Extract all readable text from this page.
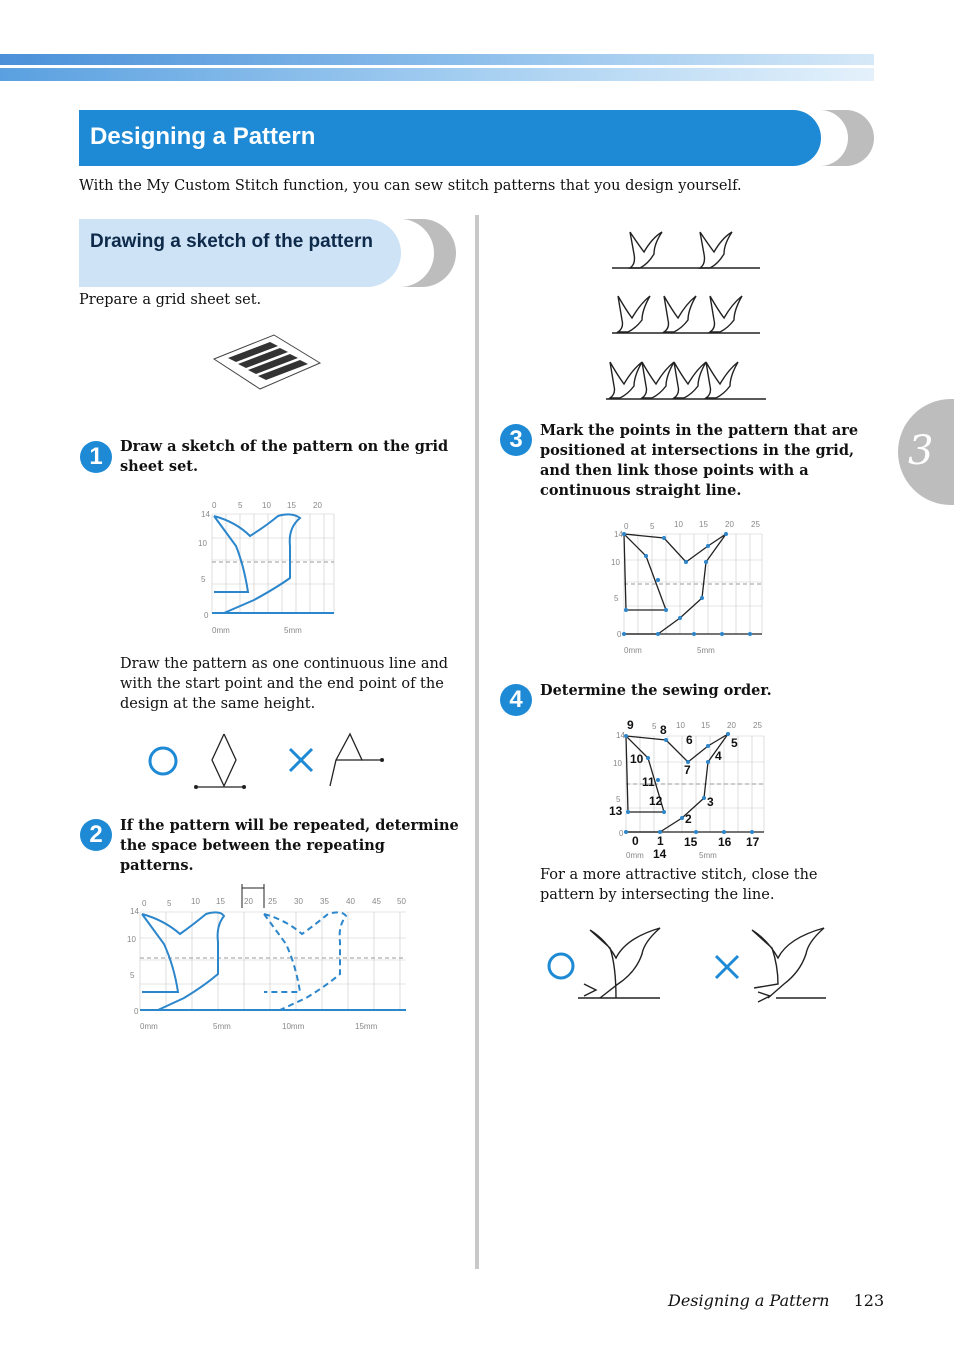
Designing a Pattern
With the My Custom Stitch function, you can sew stitch patterns that you design yourself.
Drawing a sketch of the pattern
Prepare a grid sheet set.
1	Draw a sketch of the pattern on the grid sheet set.
0	5 10 15 20
14
10
5
0
0mm	5mm
Draw the pattern as one continuous line and with the start point and the end point of the design at the same height.
2	If the pattern will be repeated, determine the space between the repeating patterns.
0	5 10 15 20 25 30 35 40 45 50
14
10
5
0
0mm	5mm	10mm	15mm
3	Mark the points in the pattern that are positioned at intersections in the grid, and then link those points with a continuous straight line.
0	5 10 15 20 25
14
10
5
0
0mm	5mm
4	Determine the sewing order.
5 10 15 20 25
14
10
5
0
0mm	5mm
9 8
6	5
4
10
7
11
12	3
13
2
0 1 15 16 17
14
For a more attractive stitch, close the pattern by intersecting the line.
3
Designing a Pattern 123
